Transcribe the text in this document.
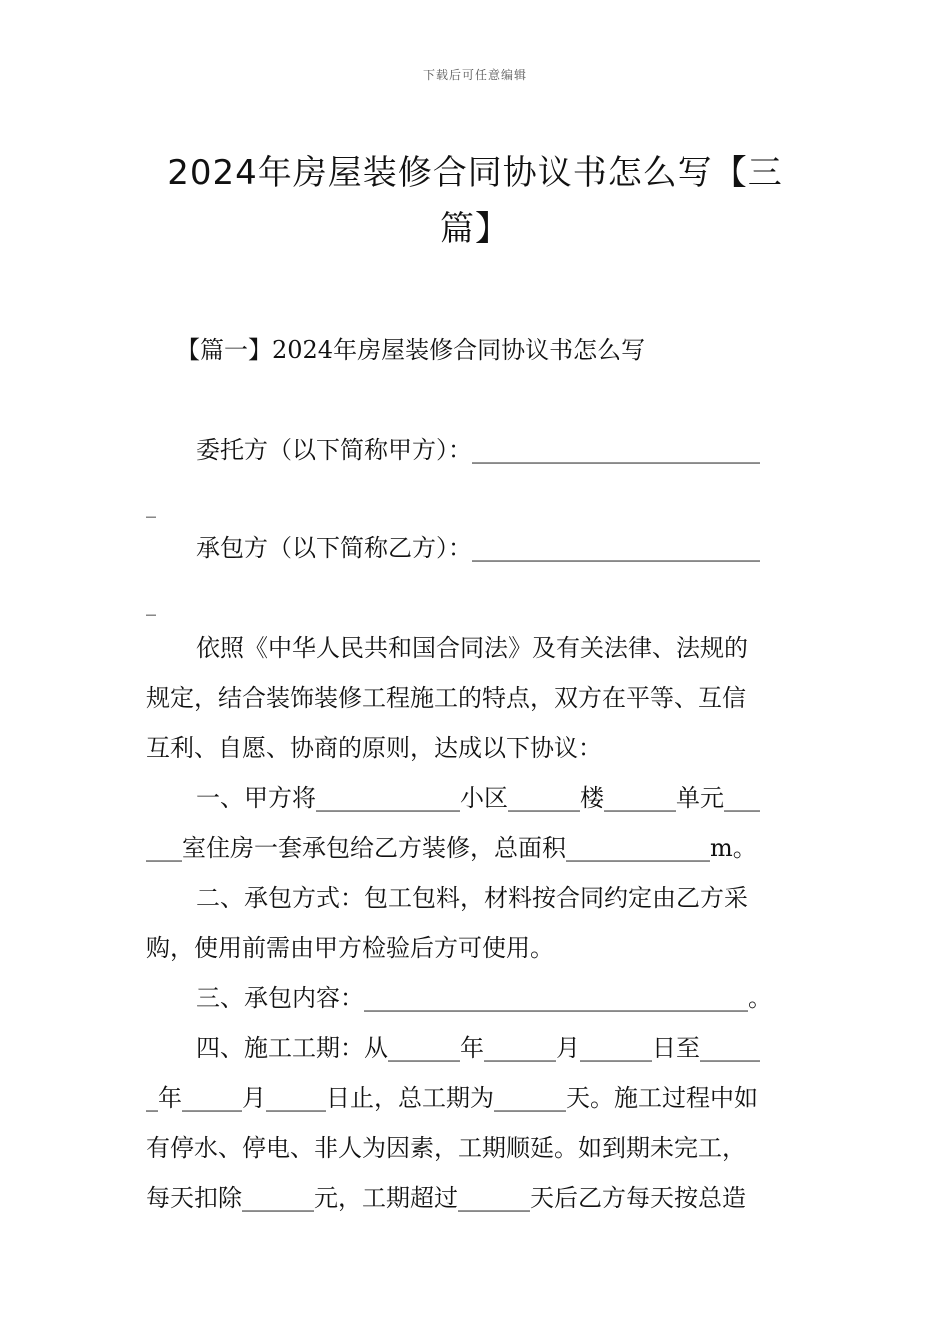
下载后可任意编辑
2024年房屋装修合同协议书怎么写【三
篇】
【篇一】2024年房屋装修合同协议书怎么写
委托方（以下简称甲方）：________________________
_
承包方（以下简称乙方）：________________________
_
依照《中华人民共和国合同法》及有关法律、法规的
规定，结合装饰装修工程施工的特点，双方在平等、互信
互利、自愿、协商的原则，达成以下协议：
一、甲方将____________小区______楼______单元___
___室住房一套承包给乙方装修，总面积____________m。
二、承包方式：包工包料，材料按合同约定由乙方采
购，使用前需由甲方检验后方可使用。
三、承包内容：________________________________。
四、施工工期：从______年______月______日至_____
_年_____月_____日止，总工期为______天。施工过程中如
有停水、停电、非人为因素，工期顺延。如到期未完工，
每天扣除______元，工期超过______天后乙方每天按总造
